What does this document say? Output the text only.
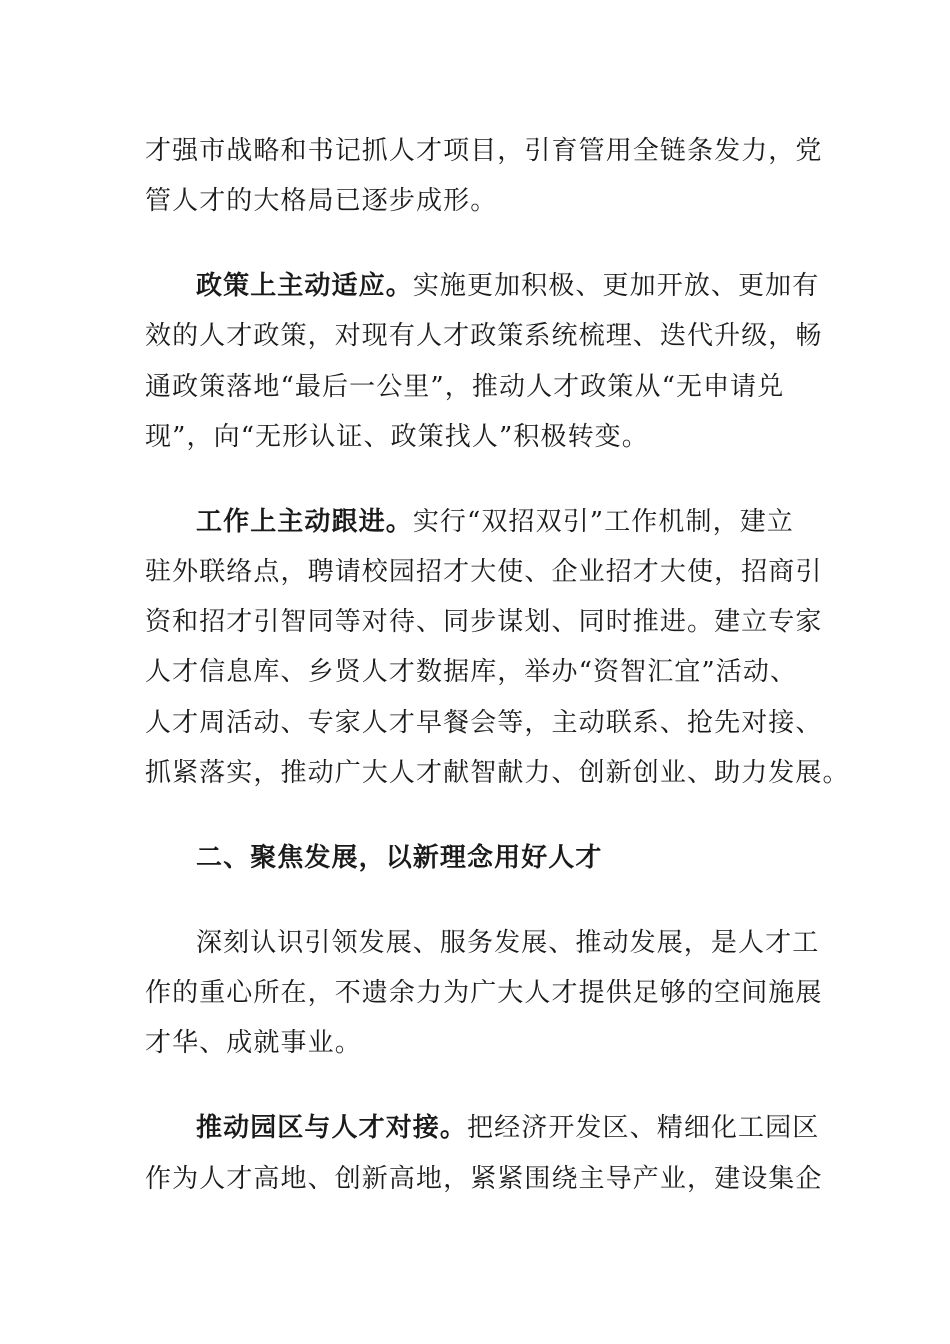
才强市战略和书记抓人才项目，引育管用全链条发力，党
管人才的大格局已逐步成形。
政策上主动适应。实施更加积极、更加开放、更加有
效的人才政策，对现有人才政策系统梳理、迭代升级，畅
通政策落地“最后一公里”，推动人才政策从“无申请兑
现”，向“无形认证、政策找人”积极转变。
工作上主动跟进。实行“双招双引”工作机制，建立
驻外联络点，聘请校园招才大使、企业招才大使，招商引
资和招才引智同等对待、同步谋划、同时推进。建立专家
人才信息库、乡贤人才数据库，举办“资智汇宜”活动、
人才周活动、专家人才早餐会等，主动联系、抢先对接、
抓紧落实，推动广大人才献智献力、创新创业、助力发展。
二、聚焦发展，以新理念用好人才
深刻认识引领发展、服务发展、推动发展，是人才工
作的重心所在，不遗余力为广大人才提供足够的空间施展
才华、成就事业。
推动园区与人才对接。把经济开发区、精细化工园区
作为人才高地、创新高地，紧紧围绕主导产业，建设集企
